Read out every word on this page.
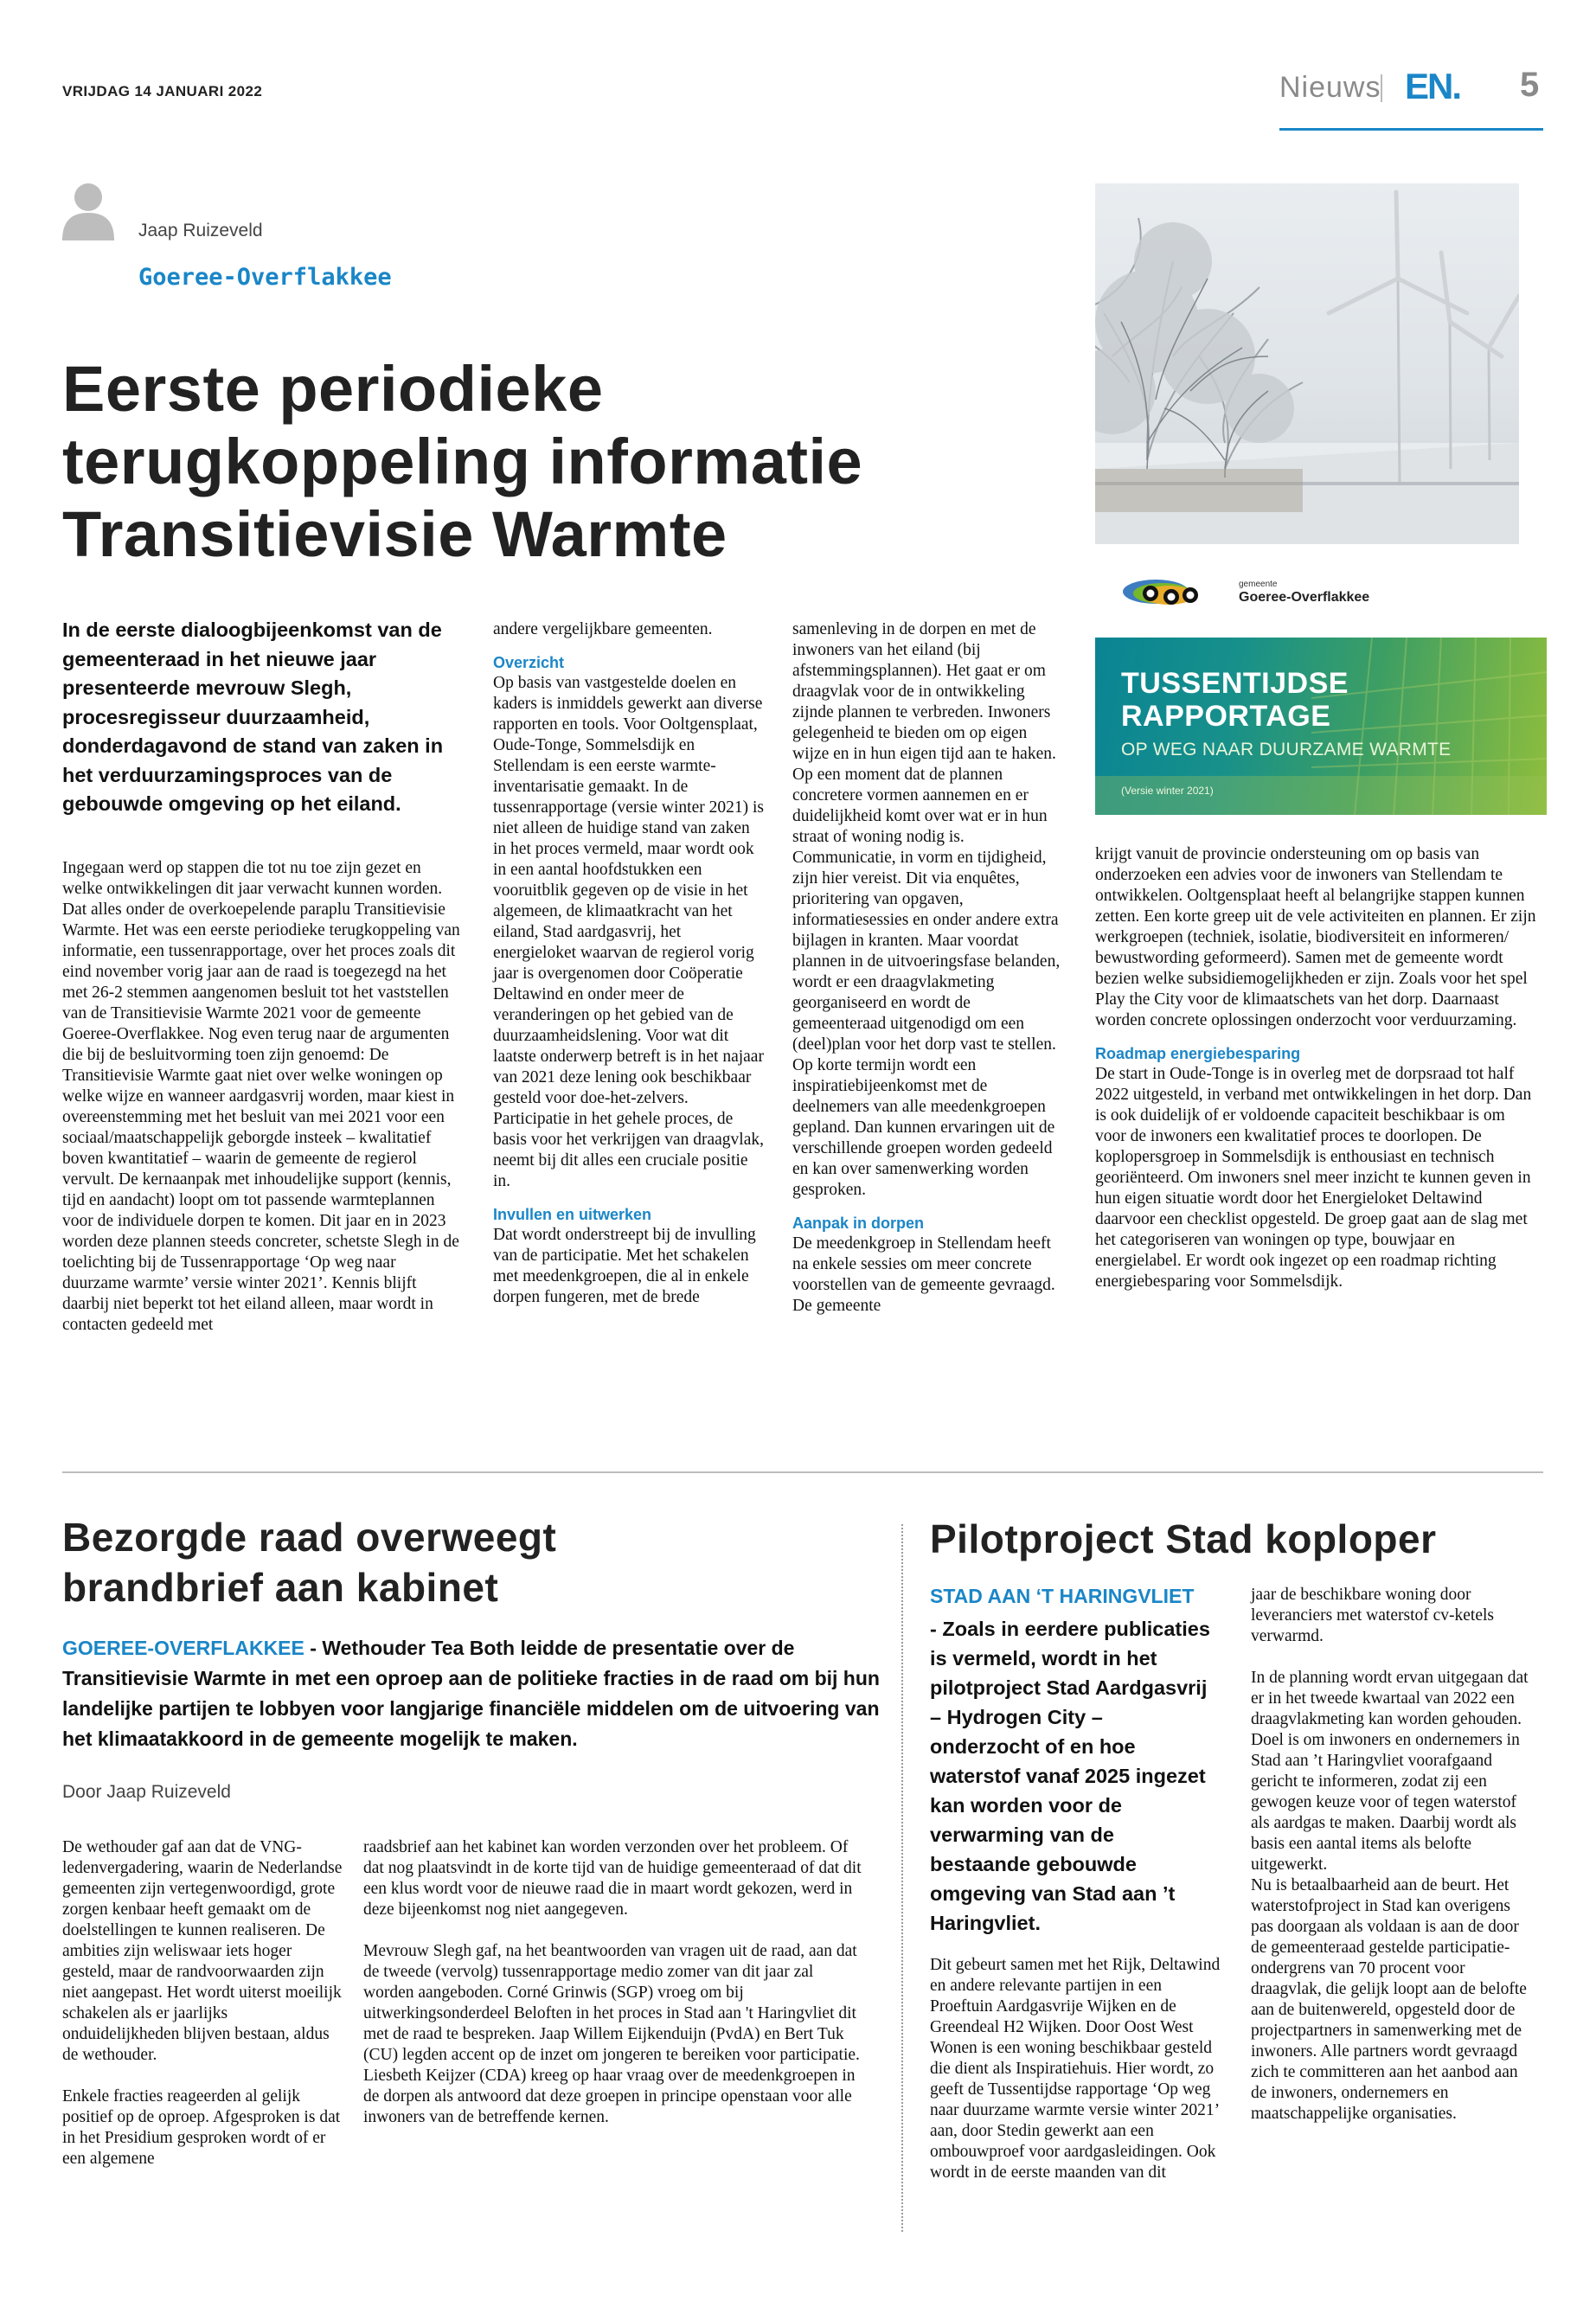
VRIJDAG 14 JANUARI 2022	Nieuws EN. 5
Jaap Ruizeveld
Goeree-Overflakkee
Eerste periodieke
terugkoppeling informatie
Transitievisie Warmte
gemeente
Goeree-Overflakkee
TUSSENTIJDSE
RAPPORTAGE
OP WEG NAAR DUURZAME WARMTE
(Versie winter 2021)
In de eerste dialoogbijeenkomst van de gemeenteraad in het nieuwe jaar presenteerde mevrouw Slegh, procesregisseur duurzaamheid, donderdagavond de stand van zaken in het verduurzamingsproces van de gebouwde omgeving op het eiland.

Ingegaan werd op stappen die tot nu toe zijn gezet en welke ontwikkelingen dit jaar verwacht kunnen worden. Dat alles onder de overkoepelende paraplu Transitievisie Warmte. Het was een eerste periodieke terugkoppeling van informatie, een tussenrapportage, over het proces zoals dit eind november vorig jaar aan de raad is toegezegd na het met 26-2 stemmen aangenomen besluit tot het vaststellen van de Transitievisie Warmte 2021 voor de gemeente Goeree-Overflakkee. Nog even terug naar de argumenten die bij de besluitvorming toen zijn genoemd: De Transitievisie Warmte gaat niet over welke woningen op welke wijze en wanneer aardgasvrij worden, maar kiest in overeenstemming met het besluit van mei 2021 voor een sociaal/maatschappelijk geborgde insteek – kwalitatief boven kwantitatief – waarin de gemeente de regierol vervult. De kernaanpak met inhoudelijke support (kennis, tijd en aandacht) loopt om tot passende warmteplannen voor de individuele dorpen te komen. Dit jaar en in 2023 worden deze plannen steeds concreter, schetste Slegh in de toelichting bij de Tussenrapportage ‘Op weg naar duurzame warmte’ versie winter 2021’. Kennis blijft daarbij niet beperkt tot het eiland alleen, maar wordt in contacten gedeeld met

andere vergelijkbare gemeenten.

Overzicht

Op basis van vastgestelde doelen en kaders is inmiddels gewerkt aan diverse rapporten en tools. Voor Ooltgensplaat, Oude-Tonge, Sommelsdijk en Stellendam is een eerste warmte-inventarisatie gemaakt. In de tussenrapportage (versie winter 2021) is niet alleen de huidige stand van zaken in het proces vermeld, maar wordt ook in een aantal hoofdstukken een vooruitblik gegeven op de visie in het algemeen, de klimaatkracht van het eiland, Stad aardgasvrij, het energieloket waarvan de regierol vorig jaar is overgenomen door Coöperatie Deltawind en onder meer de veranderingen op het gebied van de duurzaamheidslening. Voor wat dit laatste onderwerp betreft is in het najaar van 2021 deze lening ook beschikbaar gesteld voor doe-het-zelvers. Participatie in het gehele proces, de basis voor het verkrijgen van draagvlak, neemt bij dit alles een cruciale positie in.

Invullen en uitwerken

Dat wordt onderstreept bij de invulling van de participatie. Met het schakelen met meedenkgroepen, die al in enkele dorpen fungeren, met de brede

samenleving in de dorpen en met de inwoners van het eiland (bij afstemmingsplannen). Het gaat er om draagvlak voor de in ontwikkeling zijnde plannen te verbreden. Inwoners gelegenheid te bieden om op eigen wijze en in hun eigen tijd aan te haken. Op een moment dat de plannen concretere vormen aannemen en er duidelijkheid komt over wat er in hun straat of woning nodig is. Communicatie, in vorm en tijdigheid, zijn hier vereist. Dit via enquêtes, prioritering van opgaven, informatiesessies en onder andere extra bijlagen in kranten. Maar voordat plannen in de uitvoeringsfase belanden, wordt er een draagvlakmeting georganiseerd en wordt de gemeenteraad uitgenodigd om een (deel)plan voor het dorp vast te stellen. Op korte termijn wordt een inspiratiebijeenkomst met de deelnemers van alle meedenkgroepen gepland. Dan kunnen ervaringen uit de verschillende groepen worden gedeeld en kan over samenwerking worden gesproken.

Aanpak in dorpen

De meedenkgroep in Stellendam heeft na enkele sessies om meer concrete voorstellen van de gemeente gevraagd. De gemeente

krijgt vanuit de provincie ondersteuning om op basis van onderzoeken een advies voor de inwoners van Stellendam te ontwikkelen. Ooltgensplaat heeft al belangrijke stappen kunnen zetten. Een korte greep uit de vele activiteiten en plannen. Er zijn werkgroepen (techniek, isolatie, biodiversiteit en informeren/ bewustwording geformeerd). Samen met de gemeente wordt bezien welke subsidiemogelijkheden er zijn. Zoals voor het spel Play the City voor de klimaatschets van het dorp. Daarnaast worden concrete oplossingen onderzocht voor verduurzaming.

Roadmap energiebesparing

De start in Oude-Tonge is in overleg met de dorpsraad tot half 2022 uitgesteld, in verband met ontwikkelingen in het dorp. Dan is ook duidelijk of er voldoende capaciteit beschikbaar is om voor de inwoners een kwalitatief proces te doorlopen. De koplopersgroep in Sommelsdijk is enthousiast en technisch georiënteerd. Om inwoners snel meer inzicht te kunnen geven in hun eigen situatie wordt door het Energieloket Deltawind daarvoor een checklist opgesteld. De groep gaat aan de slag met het categoriseren van woningen op type, bouwjaar en energielabel. Er wordt ook ingezet op een roadmap richting energiebesparing voor Sommelsdijk.

Bezorgde raad overweegt
brandbrief aan kabinet
GOEREE-OVERFLAKKEE - Wethouder Tea Both leidde de presentatie over de Transitievisie Warmte in met een oproep aan de politieke fracties in de raad om bij hun landelijke partijen te lobbyen voor langjarige financiële middelen om de uitvoering van het klimaatakkoord in de gemeente mogelijk te maken.
Door Jaap Ruizeveld

De wethouder gaf aan dat de VNG-ledenvergadering, waarin de Nederlandse gemeenten zijn vertegenwoordigd, grote zorgen kenbaar heeft gemaakt om de doelstellingen te kunnen realiseren. De ambities zijn weliswaar iets hoger gesteld, maar de randvoorwaarden zijn niet aangepast. Het wordt uiterst moeilijk schakelen als er jaarlijks onduidelijkheden blijven bestaan, aldus de wethouder.

Enkele fracties reageerden al gelijk positief op de oproep. Afgesproken is dat in het Presidium gesproken wordt of er een algemene

raadsbrief aan het kabinet kan worden verzonden over het probleem. Of dat nog plaatsvindt in de korte tijd van de huidige gemeenteraad of dat dit een klus wordt voor de nieuwe raad die in maart wordt gekozen, werd in deze bijeenkomst nog niet aangegeven.

Mevrouw Slegh gaf, na het beantwoorden van vragen uit de raad, aan dat de tweede (vervolg) tussenrapportage medio zomer van dit jaar zal worden aangeboden. Corné Grinwis (SGP) vroeg om bij uitwerkingsonderdeel Beloften in het proces in Stad aan 't Haringvliet dit met de raad te bespreken. Jaap Willem Eijkenduijn (PvdA) en Bert Tuk (CU) legden accent op de inzet om jongeren te bereiken voor participatie. Liesbeth Keijzer (CDA) kreeg op haar vraag over de meedenkgroepen in de dorpen als antwoord dat deze groepen in principe openstaan voor alle inwoners van de betreffende kernen.

Pilotproject Stad koploper
STAD AAN ‘T HARINGVLIET
- Zoals in eerdere publicaties is vermeld, wordt in het pilotproject Stad Aardgasvrij – Hydrogen City – onderzocht of en hoe waterstof vanaf 2025 ingezet kan worden voor de verwarming van de bestaande gebouwde omgeving van Stad aan ’t Haringvliet.

Dit gebeurt samen met het Rijk, Deltawind en andere relevante partijen in een Proeftuin Aardgasvrije Wijken en de Greendeal H2 Wijken. Door Oost West Wonen is een woning beschikbaar gesteld die dient als Inspiratiehuis. Hier wordt, zo geeft de Tussentijdse rapportage ‘Op weg naar duurzame warmte versie winter 2021’ aan, door Stedin gewerkt aan een ombouwproef voor aardgasleidingen. Ook wordt in de eerste maanden van dit

jaar de beschikbare woning door leveranciers met waterstof cv-ketels verwarmd.

In de planning wordt ervan uitgegaan dat er in het tweede kwartaal van 2022 een draagvlakmeting kan worden gehouden. Doel is om inwoners en ondernemers in Stad aan ’t Haringvliet voorafgaand gericht te informeren, zodat zij een gewogen keuze voor of tegen waterstof als aardgas te maken. Daarbij wordt als basis een aantal items als belofte uitgewerkt.

Nu is betaalbaarheid aan de beurt. Het waterstofproject in Stad kan overigens pas doorgaan als voldaan is aan de door de gemeenteraad gestelde participatie-ondergrens van 70 procent voor draagvlak, die gelijk loopt aan de belofte aan de buitenwereld, opgesteld door de projectpartners in samenwerking met de inwoners. Alle partners wordt gevraagd zich te committeren aan het aanbod aan de inwoners, ondernemers en maatschappelijke organisaties.
